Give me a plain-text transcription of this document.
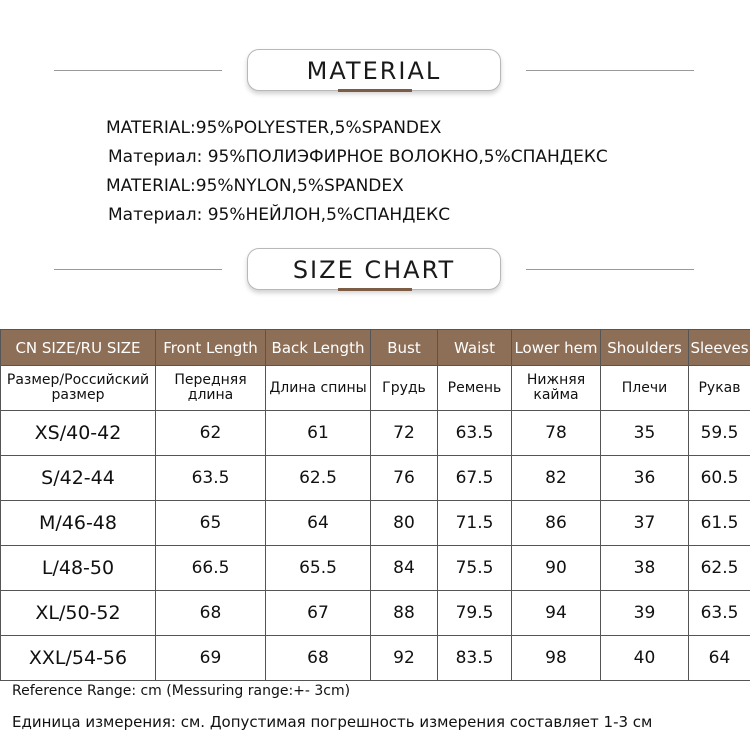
MATERIAL
MATERIAL:95%POLYESTER,5%SPANDEX
Материал: 95%ПОЛИЭФИРНОЕ ВОЛОКНО,5%СПАНДЕКС
MATERIAL:95%NYLON,5%SPANDEX
Материал: 95%НЕЙЛОН,5%СПАНДЕКС
SIZE CHART
CN SIZE/RU SIZE	Front Length	Back Length	Bust	Waist	Lower hem	Shoulders	Sleeves
Размер/Российский размер	Передняя длина	Длина спины	Грудь	Ремень	Нижняя кайма	Плечи	Рукав
XS/40-42	62	61	72	63.5	78	35	59.5
S/42-44	63.5	62.5	76	67.5	82	36	60.5
M/46-48	65	64	80	71.5	86	37	61.5
L/48-50	66.5	65.5	84	75.5	90	38	62.5
XL/50-52	68	67	88	79.5	94	39	63.5
XXL/54-56	69	68	92	83.5	98	40	64
Reference Range: cm (Messuring range:+- 3cm)
Единица измерения: см. Допустимая погрешность измерения составляет 1-3 см
